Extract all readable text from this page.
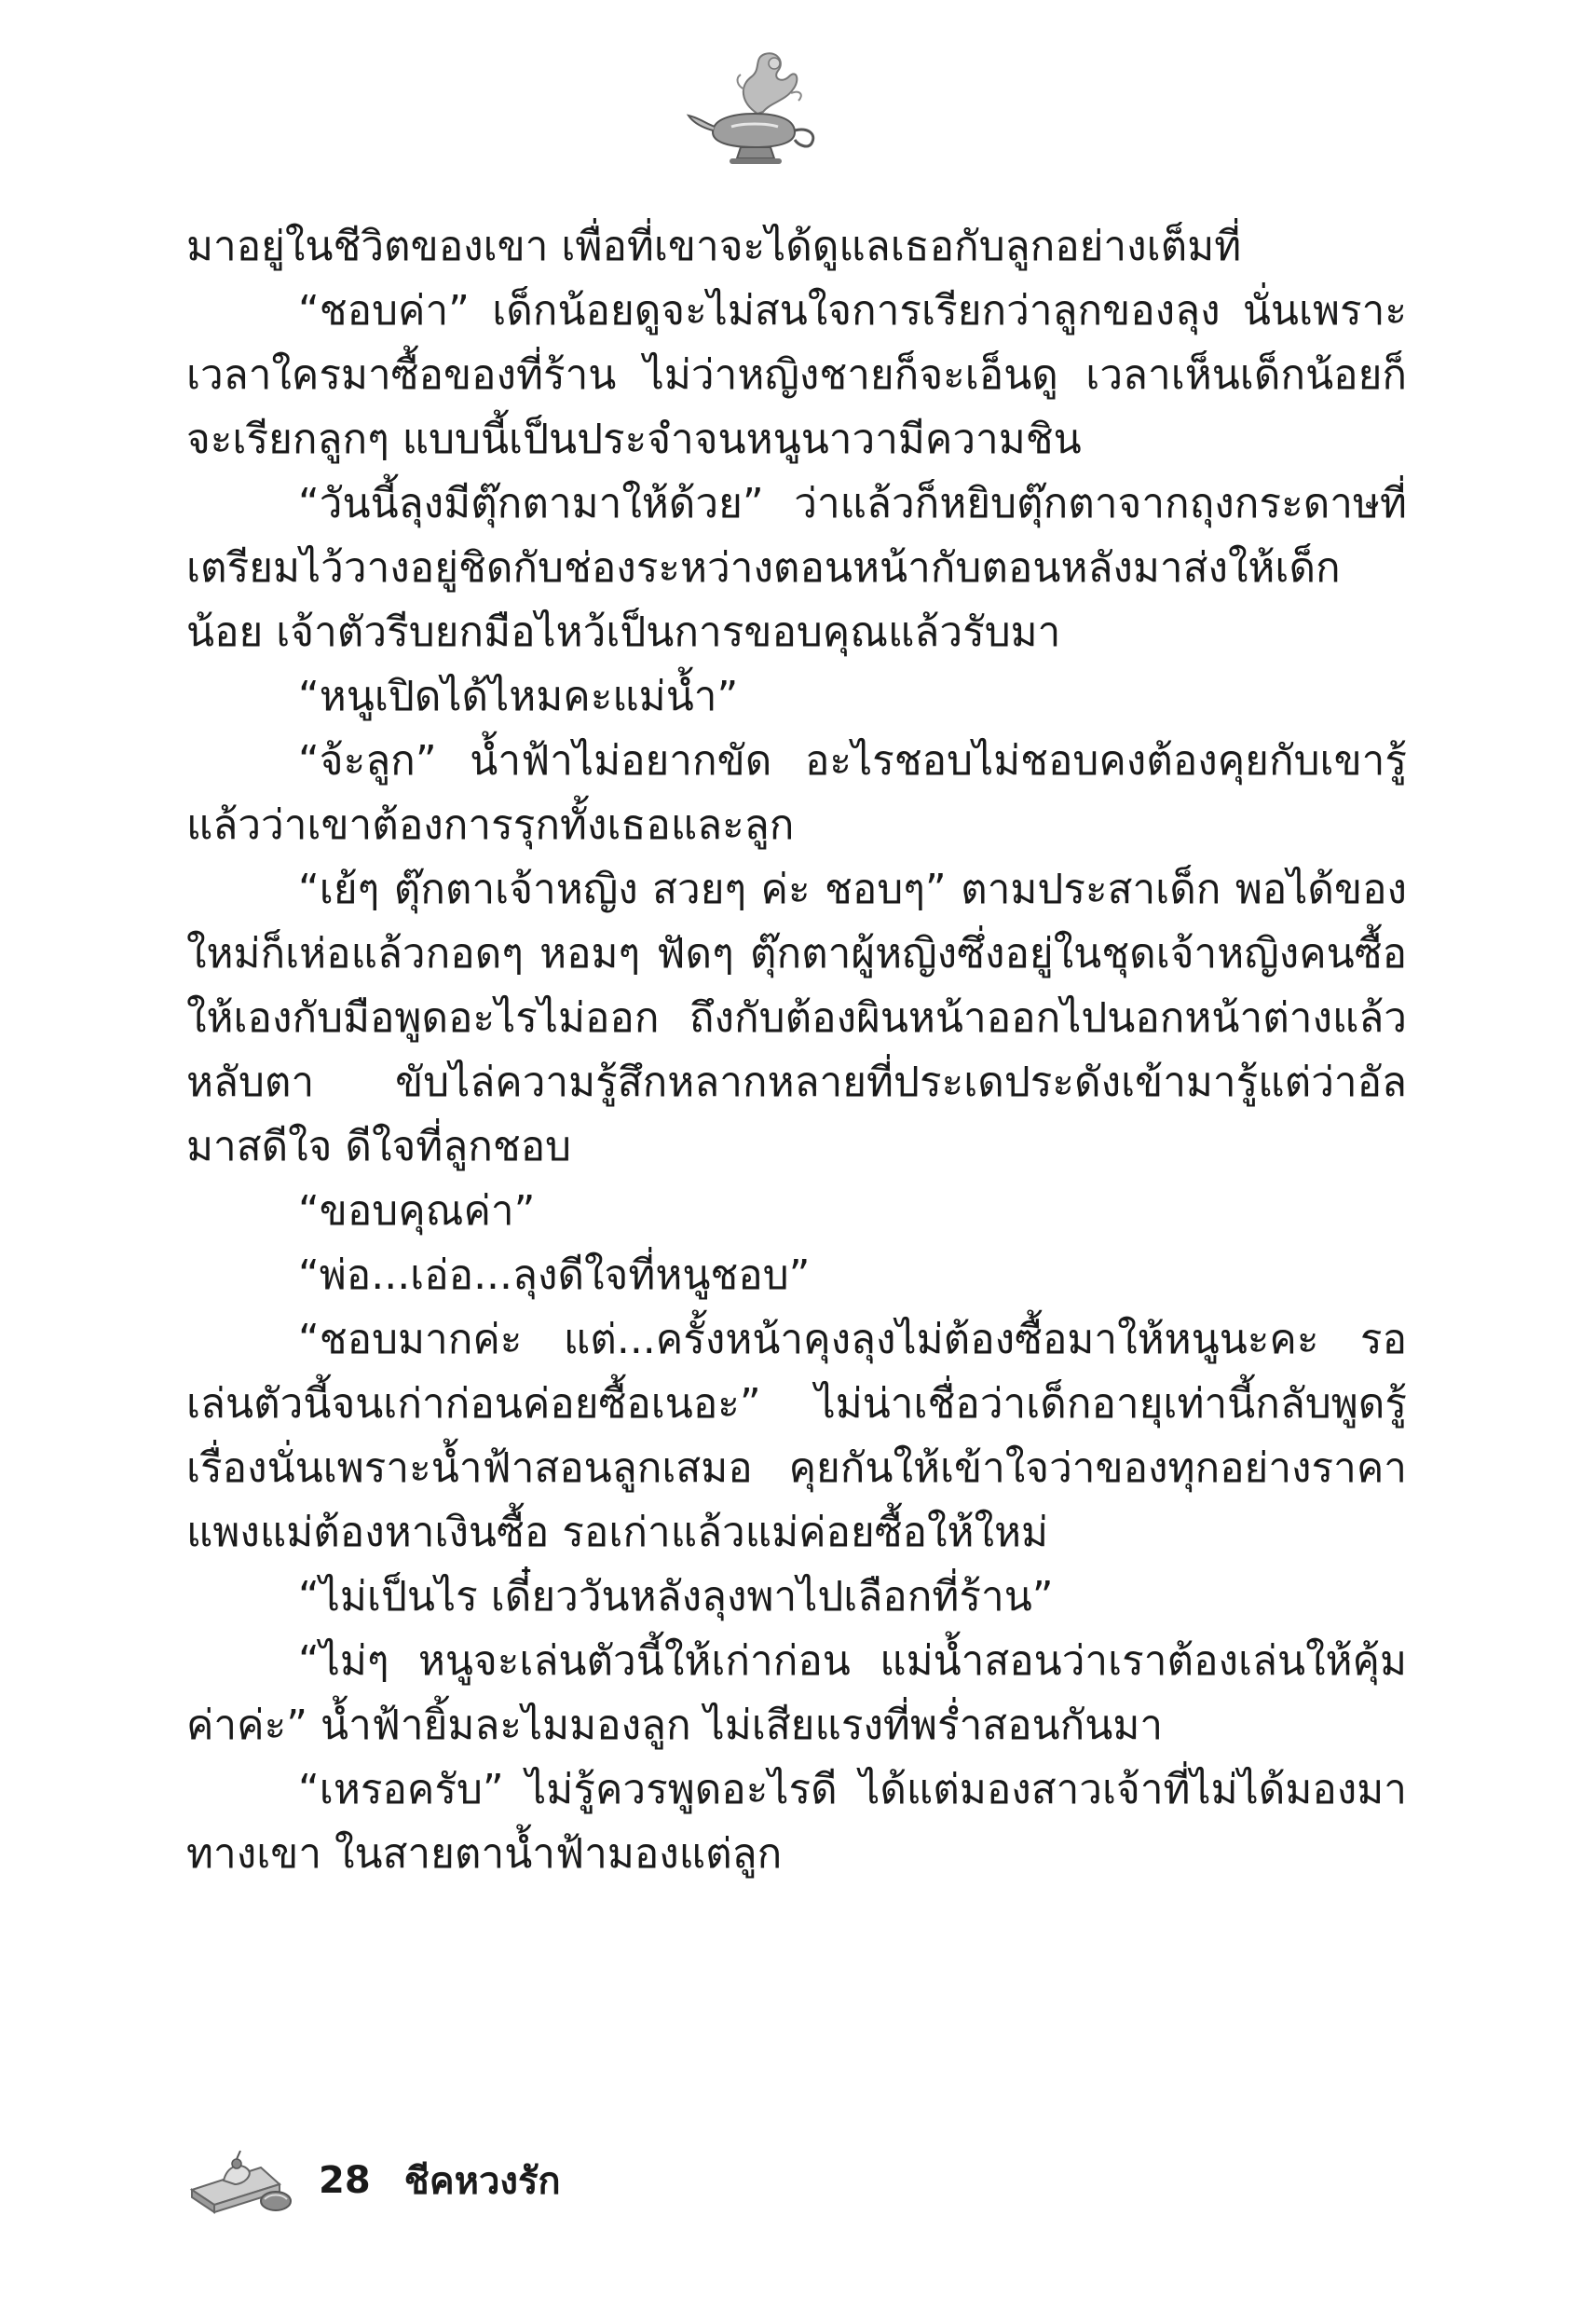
มาอยู่ในชีวิตของเขา เพื่อที่เขาจะได้ดูแลเธอกับลูกอย่างเต็มที่

“ชอบค่า” เด็กน้อยดูจะไม่สนใจการเรียกว่าลูกของลุง นั่นเพราะเวลาใครมาซื้อของที่ร้าน ไม่ว่าหญิงชายก็จะเอ็นดู เวลาเห็นเด็กน้อยก็จะเรียกลูกๆ แบบนี้เป็นประจำจนหนูนาวามีความชิน

“วันนี้ลุงมีตุ๊กตามาให้ด้วย” ว่าแล้วก็หยิบตุ๊กตาจากถุงกระดาษที่เตรียมไว้วางอยู่ชิดกับช่องระหว่างตอนหน้ากับตอนหลังมาส่งให้เด็กน้อย เจ้าตัวรีบยกมือไหว้เป็นการขอบคุณแล้วรับมา

“หนูเปิดได้ไหมคะแม่น้ำ”

“จ้ะลูก” น้ำฟ้าไม่อยากขัด อะไรชอบไม่ชอบคงต้องคุยกับเขารู้แล้วว่าเขาต้องการรุกทั้งเธอและลูก

“เย้ๆ ตุ๊กตาเจ้าหญิง สวยๆ ค่ะ ชอบๆ” ตามประสาเด็ก พอได้ของใหม่ก็เห่อแล้วกอดๆ หอมๆ ฟัดๆ ตุ๊กตาผู้หญิงซึ่งอยู่ในชุดเจ้าหญิงคนซื้อให้เองกับมือพูดอะไรไม่ออก ถึงกับต้องผินหน้าออกไปนอกหน้าต่างแล้วหลับตา ขับไล่ความรู้สึกหลากหลายที่ประเดประดังเข้ามารู้แต่ว่าอัลมาสดีใจ ดีใจที่ลูกชอบ

“ขอบคุณค่า”

“พ่อ...เอ่อ...ลุงดีใจที่หนูชอบ”

“ชอบมากค่ะ แต่...ครั้งหน้าคุงลุงไม่ต้องซื้อมาให้หนูนะคะ รอเล่นตัวนี้จนเก่าก่อนค่อยซื้อเนอะ” ไม่น่าเชื่อว่าเด็กอายุเท่านี้กลับพูดรู้เรื่องนั่นเพราะน้ำฟ้าสอนลูกเสมอ คุยกันให้เข้าใจว่าของทุกอย่างราคาแพงแม่ต้องหาเงินซื้อ รอเก่าแล้วแม่ค่อยซื้อให้ใหม่

“ไม่เป็นไร เดี๋ยววันหลังลุงพาไปเลือกที่ร้าน”

“ไม่ๆ หนูจะเล่นตัวนี้ให้เก่าก่อน แม่น้ำสอนว่าเราต้องเล่นให้คุ้มค่าค่ะ” น้ำฟ้ายิ้มละไมมองลูก ไม่เสียแรงที่พร่ำสอนกันมา

“เหรอครับ” ไม่รู้ควรพูดอะไรดี ได้แต่มองสาวเจ้าที่ไม่ได้มองมาทางเขา ในสายตาน้ำฟ้ามองแต่ลูก

28 ชีคหวงรัก
